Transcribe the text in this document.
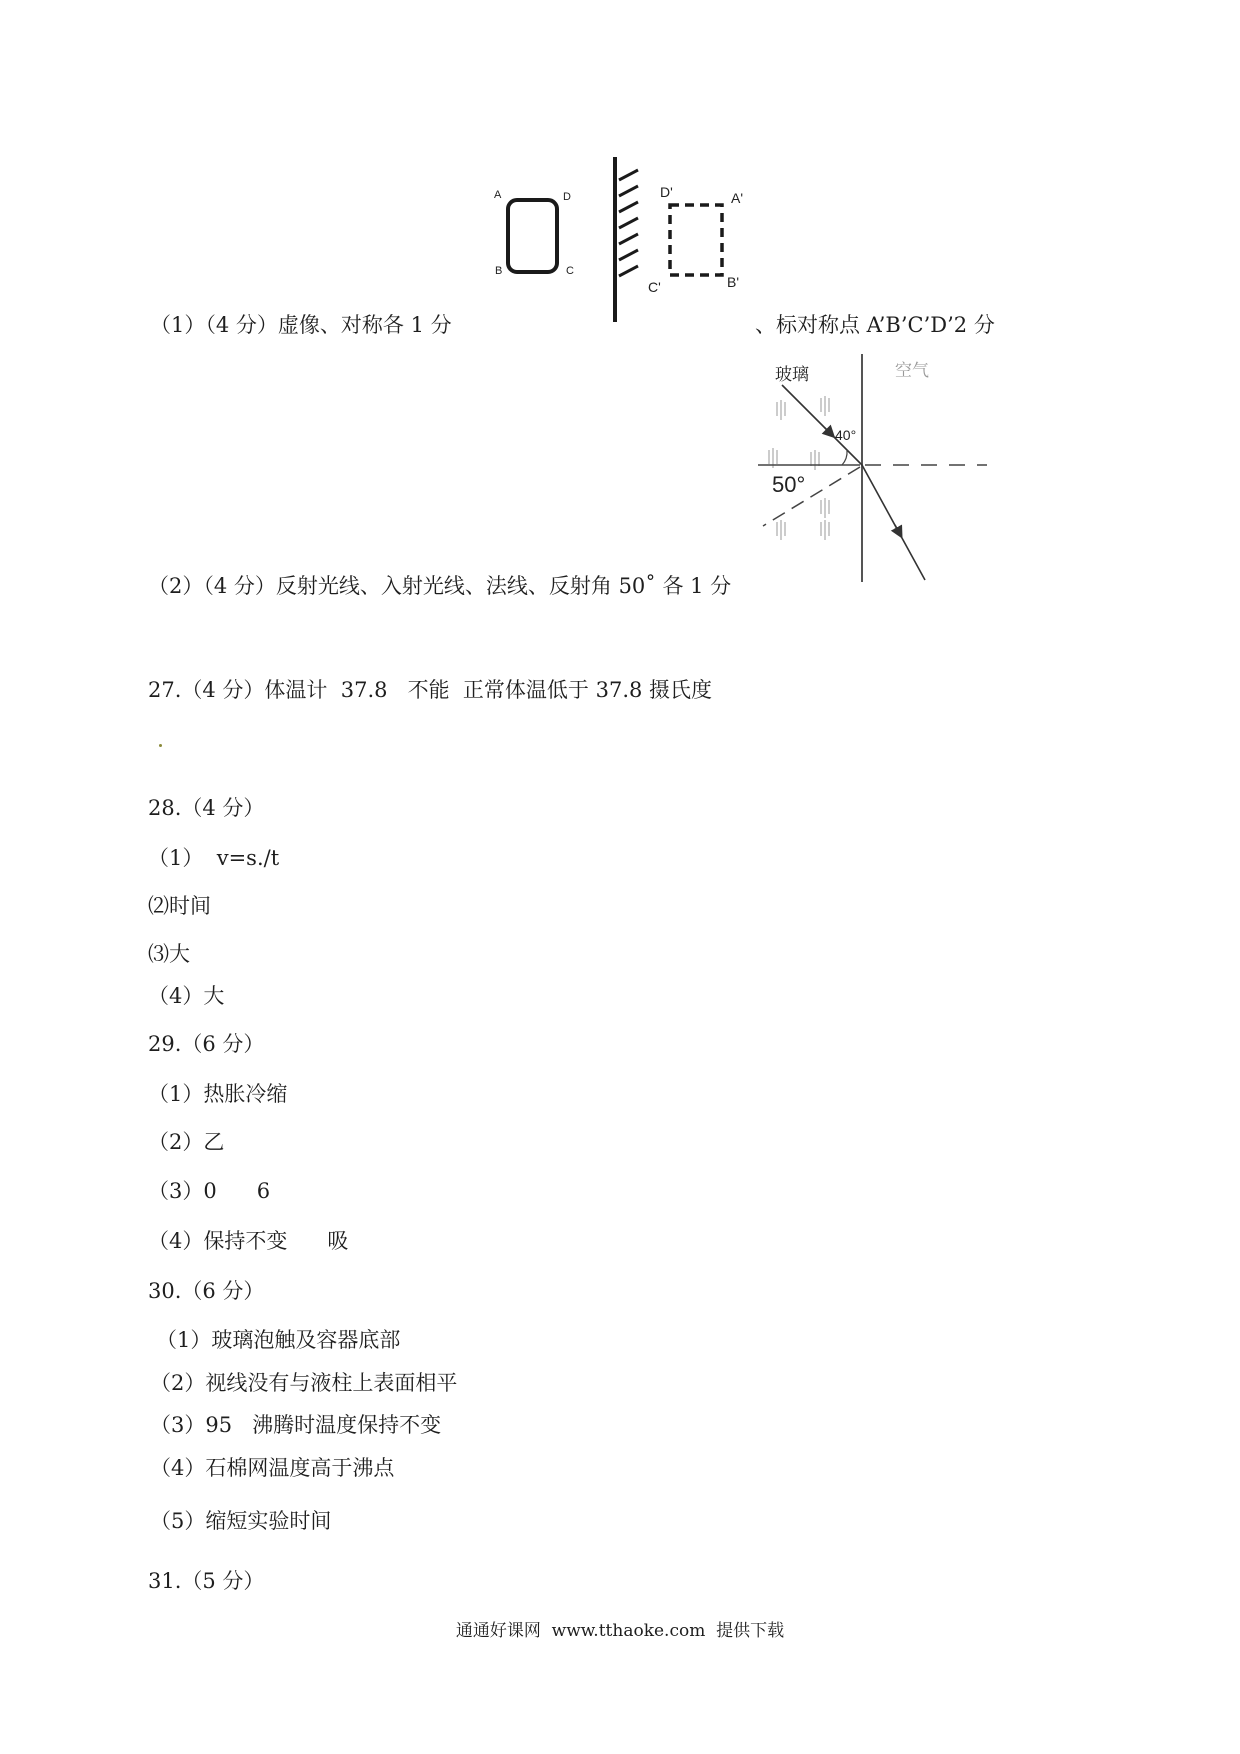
A	D
B	C
D'	A'
C'	B'
（1）（4 分）虚像、对称各 1 分	、标对称点 A’B’C’D’2 分
玻璃	空气
40°
50°
（2）（4 分）反射光线、入射光线、法线、反射角 50˚ 各 1 分
27.（4 分）体温计  37.8   不能  正常体温低于 37.8 摄氏度
28.（4 分）
（1）  v=s./t
⑵时间
⑶大
（4）大
29.（6 分）
（1）热胀冷缩
（2）乙
（3）0      6
（4）保持不变      吸
30.（6 分）
（1）玻璃泡触及容器底部
（2）视线没有与液柱上表面相平
（3）95   沸腾时温度保持不变
（4）石棉网温度高于沸点
（5）缩短实验时间
31.（5 分）
通通好课网  www.tthaoke.com  提供下载
